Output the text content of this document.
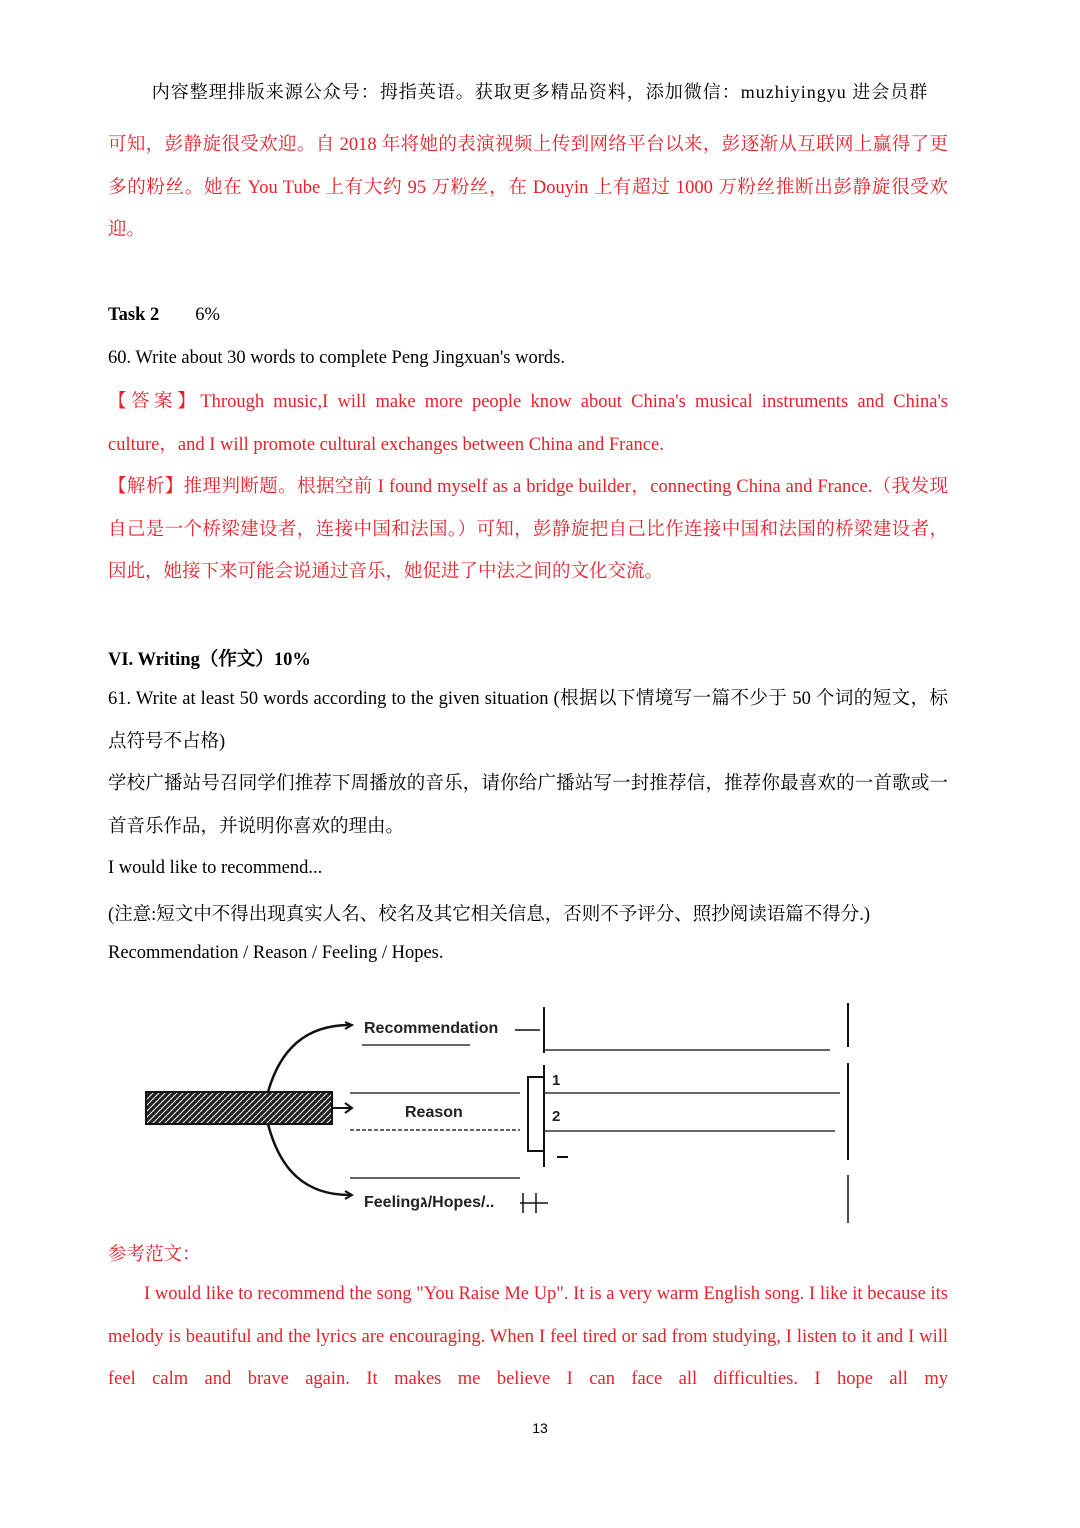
内容整理排版来源公众号：拇指英语。获取更多精品资料，添加微信：muzhiyingyu 进会员群
可知，彭静旋很受欢迎。自 2018 年将她的表演视频上传到网络平台以来，彭逐渐从互联网上赢得了更多的粉丝。她在 You Tube 上有大约 95 万粉丝，在 Douyin 上有超过 1000 万粉丝推断出彭静旋很受欢迎。
Task 2 6%
60. Write about 30 words to complete Peng Jingxuan's words.
【答案】Through music,I will make more people know about China's musical instruments and China's culture，and I will promote cultural exchanges between China and France.
【解析】推理判断题。根据空前 I found myself as a bridge builder，connecting China and France.（我发现自己是一个桥梁建设者，连接中国和法国。）可知，彭静旋把自己比作连接中国和法国的桥梁建设者，因此，她接下来可能会说通过音乐，她促进了中法之间的文化交流。
VI. Writing（作文）10%
61. Write at least 50 words according to the given situation (根据以下情境写一篇不少于 50 个词的短文，标点符号不占格)
学校广播站号召同学们推荐下周播放的音乐，请你给广播站写一封推荐信，推荐你最喜欢的一首歌或一首音乐作品，并说明你喜欢的理由。
I would like to recommend...
(注意:短文中不得出现真实人名、校名及其它相关信息，否则不予评分、照抄阅读语篇不得分.)
Recommendation / Reason / Feeling / Hopes.
Recommendation
Reason
1
2
Feelingג/Hopes/..
参考范文：
I would like to recommend the song "You Raise Me Up". It is a very warm English song. I like it because its melody is beautiful and the lyrics are encouraging. When I feel tired or sad from studying, I listen to it and I will feel calm and brave again. It makes me believe I can face all difficulties. I hope all my
13
